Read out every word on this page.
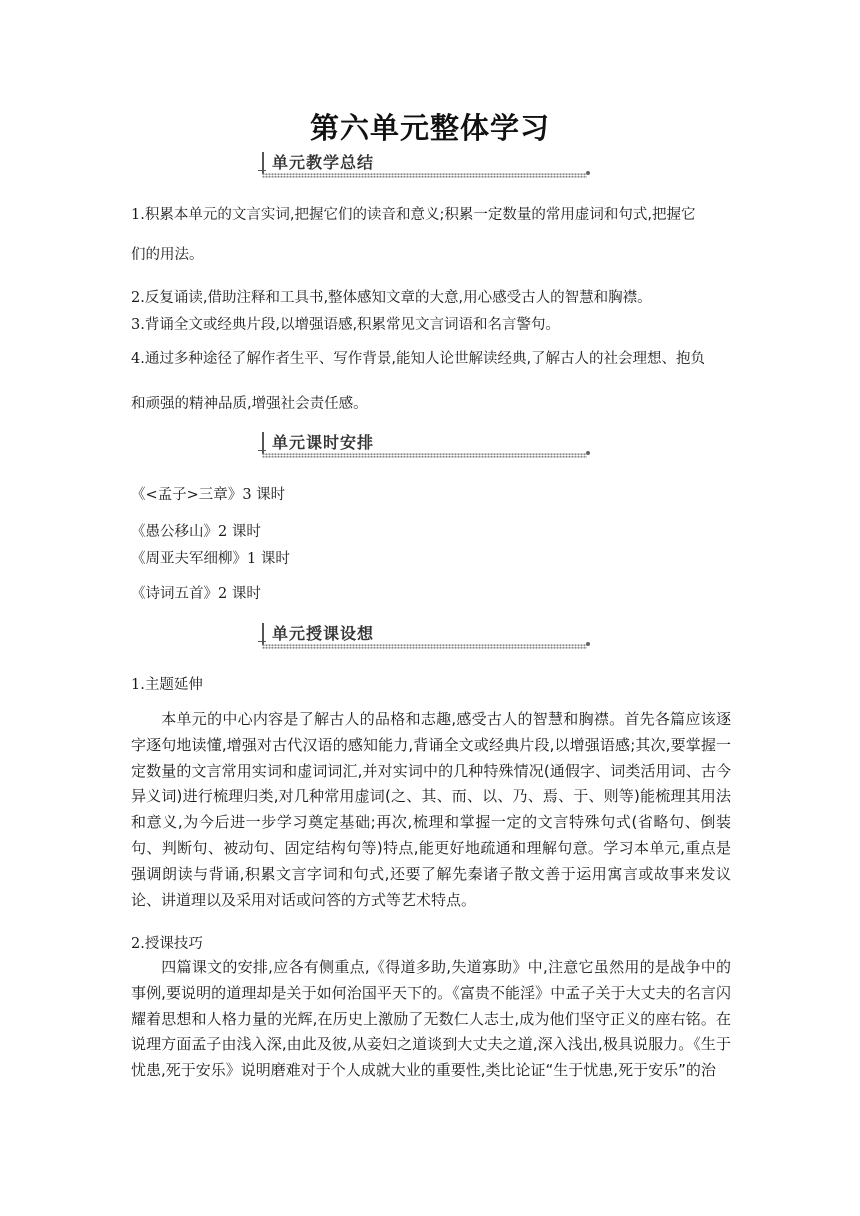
第六单元整体学习
单元教学总结
1.积累本单元的文言实词,把握它们的读音和意义;积累一定数量的常用虚词和句式,把握它
们的用法。
2.反复诵读,借助注释和工具书,整体感知文章的大意,用心感受古人的智慧和胸襟。
3.背诵全文或经典片段,以增强语感,积累常见文言词语和名言警句。
4.通过多种途径了解作者生平、写作背景,能知人论世解读经典,了解古人的社会理想、抱负
和顽强的精神品质,增强社会责任感。
单元课时安排
《<孟子>三章》3 课时
《愚公移山》2 课时
《周亚夫军细柳》1 课时
《诗词五首》2 课时
单元授课设想
1.主题延伸

本单元的中心内容是了解古人的品格和志趣,感受古人的智慧和胸襟。首先各篇应该逐字逐句地读懂,增强对古代汉语的感知能力,背诵全文或经典片段,以增强语感;其次,要掌握一定数量的文言常用实词和虚词词汇,并对实词中的几种特殊情况(通假字、词类活用词、古今异义词)进行梳理归类,对几种常用虚词(之、其、而、以、乃、焉、于、则等)能梳理其用法和意义,为今后进一步学习奠定基础;再次,梳理和掌握一定的文言特殊句式(省略句、倒装句、判断句、被动句、固定结构句等)特点,能更好地疏通和理解句意。学习本单元,重点是强调朗读与背诵,积累文言字词和句式,还要了解先秦诸子散文善于运用寓言或故事来发议论、讲道理以及采用对话或问答的方式等艺术特点。

2.授课技巧

四篇课文的安排,应各有侧重点,《得道多助,失道寡助》中,注意它虽然用的是战争中的事例,要说明的道理却是关于如何治国平天下的。《富贵不能淫》中孟子关于大丈夫的名言闪耀着思想和人格力量的光辉,在历史上激励了无数仁人志士,成为他们坚守正义的座右铭。在说理方面孟子由浅入深,由此及彼,从妾妇之道谈到大丈夫之道,深入浅出,极具说服力。《生于忧患,死于安乐》说明磨难对于个人成就大业的重要性,类比论证“生于忧患,死于安乐”的治
